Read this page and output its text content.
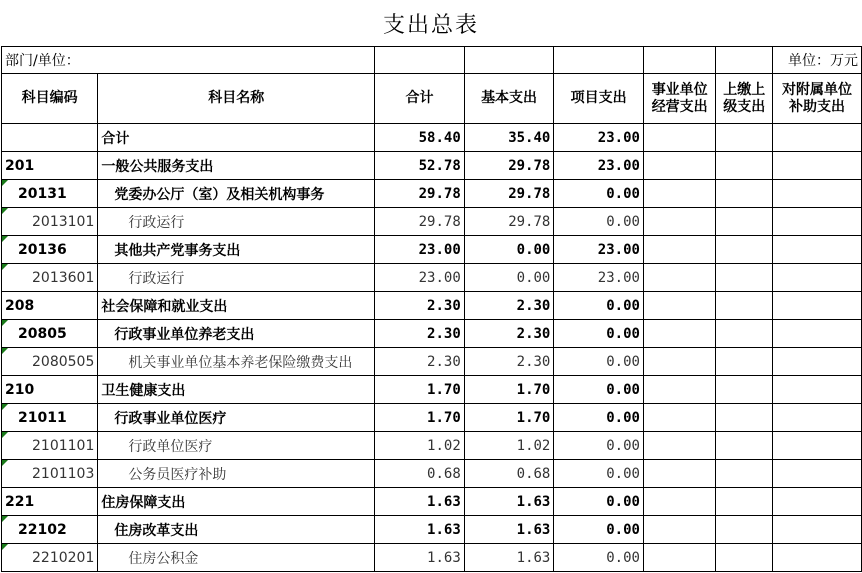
支出总表
部门/单位：							单位：万元
科目编码	科目名称	合计	基本支出	项目支出	事业单位经营支出	上缴上级支出	对附属单位补助支出
	合计	58.40	35.40	23.00			
201	一般公共服务支出	52.78	29.78	23.00			
20131	党委办公厅（室）及相关机构事务	29.78	29.78	0.00			
2013101	行政运行	29.78	29.78	0.00			
20136	其他共产党事务支出	23.00	0.00	23.00			
2013601	行政运行	23.00	0.00	23.00			
208	社会保障和就业支出	2.30	2.30	0.00			
20805	行政事业单位养老支出	2.30	2.30	0.00			
2080505	机关事业单位基本养老保险缴费支出	2.30	2.30	0.00			
210	卫生健康支出	1.70	1.70	0.00			
21011	行政事业单位医疗	1.70	1.70	0.00			
2101101	行政单位医疗	1.02	1.02	0.00			
2101103	公务员医疗补助	0.68	0.68	0.00			
221	住房保障支出	1.63	1.63	0.00			
22102	住房改革支出	1.63	1.63	0.00			
2210201	住房公积金	1.63	1.63	0.00			
